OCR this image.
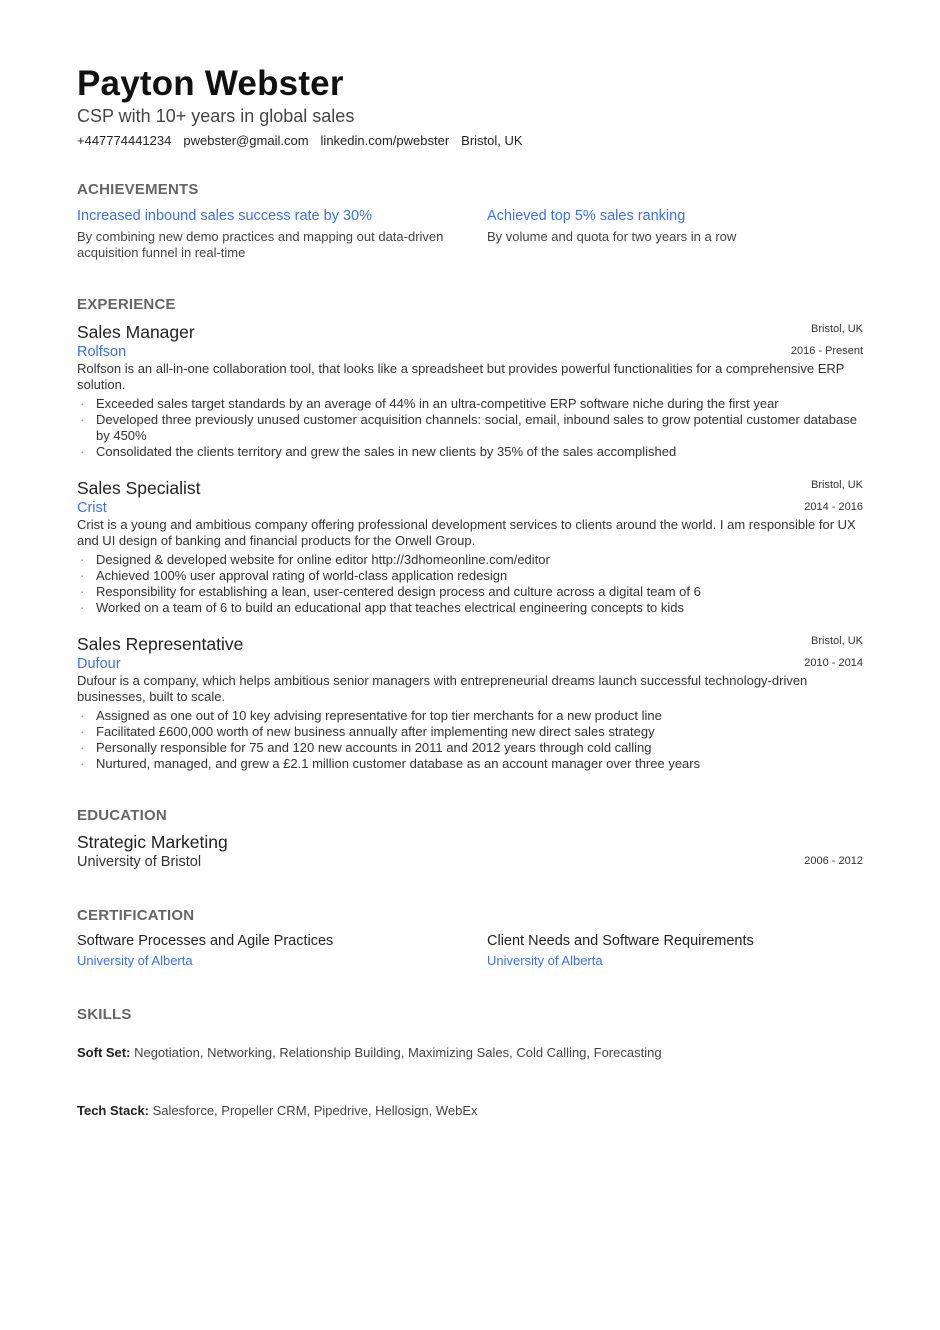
Payton Webster
CSP with 10+ years in global sales
+447774441234 pwebster@gmail.com linkedin.com/pwebster Bristol, UK
ACHIEVEMENTS
Increased inbound sales success rate by 30%
By combining new demo practices and mapping out data-driven acquisition funnel in real-time
Achieved top 5% sales ranking
By volume and quota for two years in a row
EXPERIENCE
Sales Manager
Rolfson
Bristol, UK
2016 - Present
Rolfson is an all-in-one collaboration tool, that looks like a spreadsheet but provides powerful functionalities for a comprehensive ERP solution.
· Exceeded sales target standards by an average of 44% in an ultra-competitive ERP software niche during the first year
· Developed three previously unused customer acquisition channels: social, email, inbound sales to grow potential customer database by 450%
· Consolidated the clients territory and grew the sales in new clients by 35% of the sales accomplished
Sales Specialist
Crist
Bristol, UK
2014 - 2016
Crist is a young and ambitious company offering professional development services to clients around the world. I am responsible for UX and UI design of banking and financial products for the Orwell Group.
· Designed & developed website for online editor http://3dhomeonline.com/editor
· Achieved 100% user approval rating of world-class application redesign
· Responsibility for establishing a lean, user-centered design process and culture across a digital team of 6
· Worked on a team of 6 to build an educational app that teaches electrical engineering concepts to kids
Sales Representative
Dufour
Bristol, UK
2010 - 2014
Dufour is a company, which helps ambitious senior managers with entrepreneurial dreams launch successful technology-driven businesses, built to scale.
· Assigned as one out of 10 key advising representative for top tier merchants for a new product line
· Facilitated £600,000 worth of new business annually after implementing new direct sales strategy
· Personally responsible for 75 and 120 new accounts in 2011 and 2012 years through cold calling
· Nurtured, managed, and grew a £2.1 million customer database as an account manager over three years
EDUCATION
Strategic Marketing
University of Bristol	2006 - 2012
CERTIFICATION
Software Processes and Agile Practices
University of Alberta
Client Needs and Software Requirements
University of Alberta
SKILLS
Soft Set: Negotiation, Networking, Relationship Building, Maximizing Sales, Cold Calling, Forecasting
Tech Stack: Salesforce, Propeller CRM, Pipedrive, Hellosign, WebEx
